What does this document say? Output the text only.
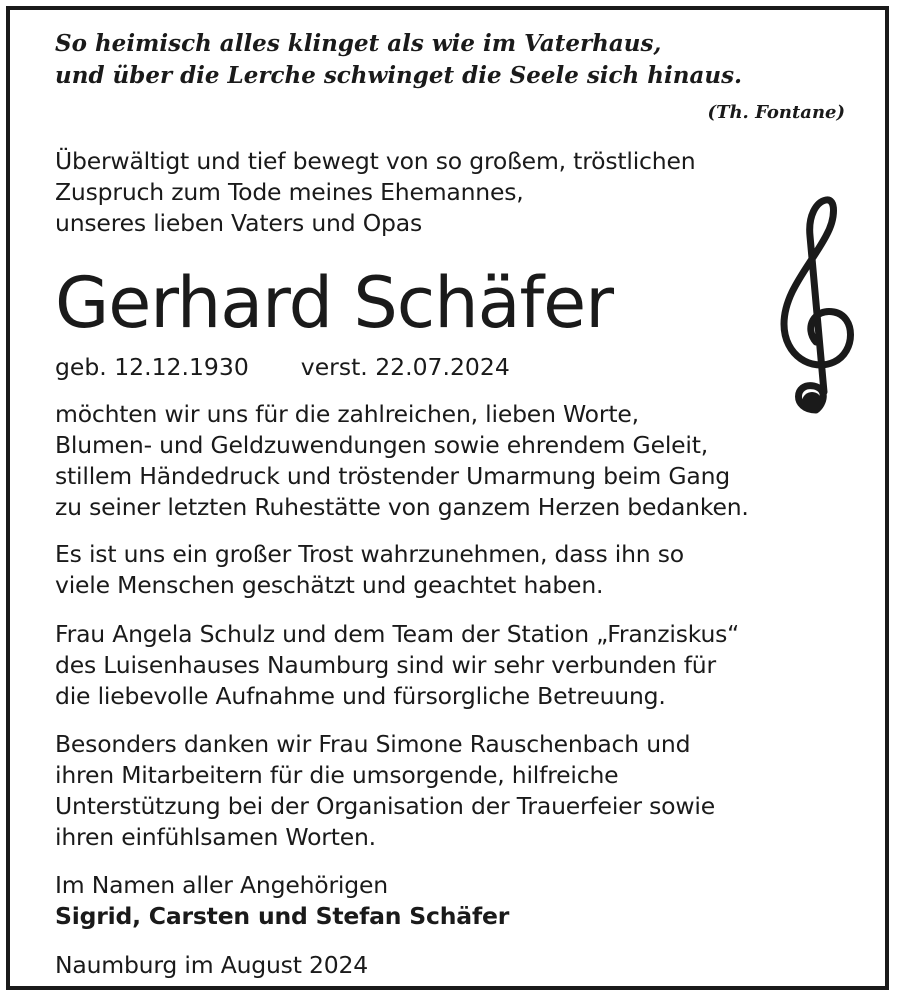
So heimisch alles klinget als wie im Vaterhaus,
und über die Lerche schwinget die Seele sich hinaus.
(Th. Fontane)
Überwältigt und tief bewegt von so großem, tröstlichen
Zuspruch zum Tode meines Ehemannes,
unseres lieben Vaters und Opas
Gerhard Schäfer
geb. 12.12.1930 verst. 22.07.2024
möchten wir uns für die zahlreichen, lieben Worte,
Blumen- und Geldzuwendungen sowie ehrendem Geleit,
stillem Händedruck und tröstender Umarmung beim Gang
zu seiner letzten Ruhestätte von ganzem Herzen bedanken.
Es ist uns ein großer Trost wahrzunehmen, dass ihn so
viele Menschen geschätzt und geachtet haben.
Frau Angela Schulz und dem Team der Station „Franziskus“
des Luisenhauses Naumburg sind wir sehr verbunden für
die liebevolle Aufnahme und fürsorgliche Betreuung.
Besonders danken wir Frau Simone Rauschenbach und
ihren Mitarbeitern für die umsorgende, hilfreiche
Unterstützung bei der Organisation der Trauerfeier sowie
ihren einfühlsamen Worten.
Im Namen aller Angehörigen
Sigrid, Carsten und Stefan Schäfer
Naumburg im August 2024
